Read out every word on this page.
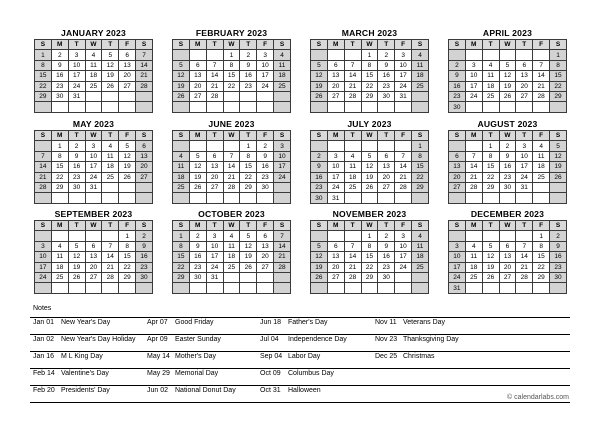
JANUARY 2023
S	M	T	W	T	F	S
1	2	3	4	5	6	7
8	9	10	11	12	13	14
15	16	17	18	19	20	21
22	23	24	25	26	27	28
29	30	31				

FEBRUARY 2023
S	M	T	W	T	F	S
			1	2	3	4
5	6	7	8	9	10	11
12	13	14	15	16	17	18
19	20	21	22	23	24	25
26	27	28				

MARCH 2023
S	M	T	W	T	F	S
			1	2	3	4
5	6	7	8	9	10	11
12	13	14	15	16	17	18
19	20	21	22	23	24	25
26	27	28	29	30	31	

APRIL 2023
S	M	T	W	T	F	S
						1
2	3	4	5	6	7	8
9	10	11	12	13	14	15
16	17	18	19	20	21	22
23	24	25	26	27	28	29
30						
MAY 2023
S	M	T	W	T	F	S
	1	2	3	4	5	6
7	8	9	10	11	12	13
14	15	16	17	18	19	20
21	22	23	24	25	26	27
28	29	30	31			

JUNE 2023
S	M	T	W	T	F	S
				1	2	3
4	5	6	7	8	9	10
11	12	13	14	15	16	17
18	19	20	21	22	23	24
25	26	27	28	29	30	

JULY 2023
S	M	T	W	T	F	S
						1
2	3	4	5	6	7	8
9	10	11	12	13	14	15
16	17	18	19	20	21	22
23	24	25	26	27	28	29
30	31					
AUGUST 2023
S	M	T	W	T	F	S
		1	2	3	4	5
6	7	8	9	10	11	12
13	14	15	16	17	18	19
20	21	22	23	24	25	26
27	28	29	30	31		

SEPTEMBER 2023
S	M	T	W	T	F	S
					1	2
3	4	5	6	7	8	9
10	11	12	13	14	15	16
17	18	19	20	21	22	23
24	25	26	27	28	29	30

OCTOBER 2023
S	M	T	W	T	F	S
1	2	3	4	5	6	7
8	9	10	11	12	13	14
15	16	17	18	19	20	21
22	23	24	25	26	27	28
29	30	31				

NOVEMBER 2023
S	M	T	W	T	F	S
			1	2	3	4
5	6	7	8	9	10	11
12	13	14	15	16	17	18
19	20	21	22	23	24	25
26	27	28	29	30		

DECEMBER 2023
S	M	T	W	T	F	S
					1	2
3	4	5	6	7	8	9
10	11	12	13	14	15	16
17	18	19	20	21	22	23
24	25	26	27	28	29	30
31						
Notes
Jan 01 New Year's Day
Jan 02 New Year's Day Holiday
Jan 16 M L King Day
Feb 14 Valentine's Day
Feb 20 Presidents' Day
Apr 07 Good Friday
Apr 09 Easter Sunday
May 14 Mother's Day
May 29 Memorial Day
Jun 02 National Donut Day
Jun 18 Father's Day
Jul 04 Independence Day
Sep 04 Labor Day
Oct 09 Columbus Day
Oct 31 Halloween
Nov 11 Veterans Day
Nov 23 Thanksgiving Day
Dec 25 Christmas
© calendarlabs.com
